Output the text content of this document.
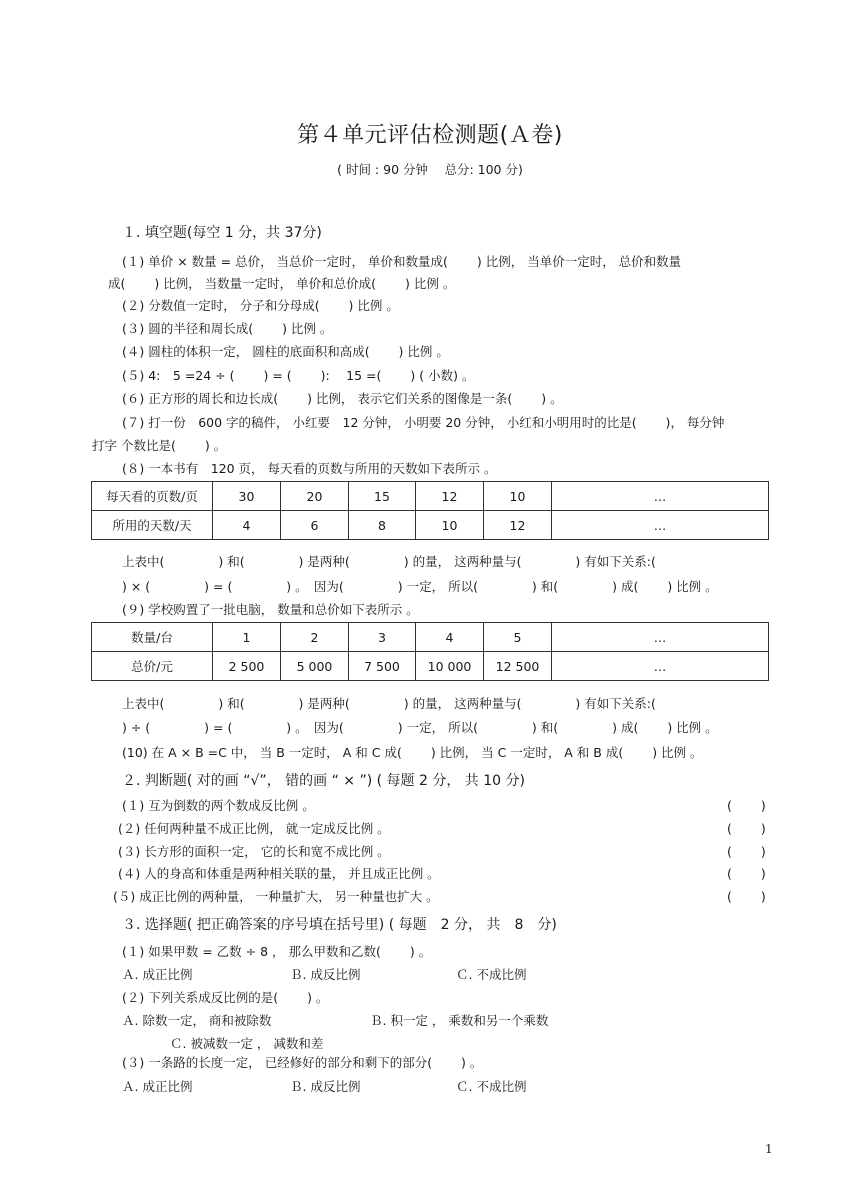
第４单元评估检测题(Ａ卷)
( 时间 : 90 分钟　 总分: 100 分)
１. 填空题(每空 1 分，共 37分)
(１) 单价 × 数量 = 总价， 当总价一定时， 单价和数量成(　　 ) 比例， 当单价一定时， 总价和数量
成(　　 ) 比例， 当数量一定时， 单价和总价成(　　 ) 比例 。
(２) 分数值一定时， 分子和分母成(　　 ) 比例 。
(３) 圆的半径和周长成(　　 ) 比例 。
(４) 圆柱的体积一定， 圆柱的底面积和高成(　　 ) 比例 。
(５) 4:　5 =24 ÷ (　　 ) = (　　 ):　 15 =(　　 ) ( 小数) 。
(６) 正方形的周长和边长成(　　 ) 比例， 表示它们关系的图像是一条(　　 ) 。
(７) 打一份　600 字的稿件， 小红要　12 分钟， 小明要 20 分钟， 小红和小明用时的比是(　　 )， 每分钟
打字 个数比是(　　 ) 。
(８) 一本书有　120 页， 每天看的页数与所用的天数如下表所示 。
每天看的页数/页	30	20	15	12	10	…
所用的天数/天	4	6	8	10	12	…
上表中(　　　　 ) 和(　　　　 ) 是两种(　　　　 ) 的量， 这两种量与(　　　　 ) 有如下关系:(
) × (　　　　 ) = (　　　　 ) 。　因为(　　　　 ) 一定， 所以(　　　　 ) 和(　　　　 ) 成(　　 ) 比例 。
(９) 学校购置了一批电脑， 数量和总价如下表所示 。
数量/台	1	2	3	4	5	…
总价/元	2 500	5 000	7 500	10 000	12 500	…
上表中(　　　　 ) 和(　　　　 ) 是两种(　　　　 ) 的量， 这两种量与(　　　　 ) 有如下关系:(
) ÷ (　　　　 ) = (　　　　 ) 。　因为(　　　　 ) 一定， 所以(　　　　 ) 和(　　　　 ) 成(　　 ) 比例 。
(10) 在 A × B =C 中， 当 B 一定时， A 和 C 成(　　 ) 比例， 当 C 一定时， A 和 B 成(　　 ) 比例 。
２. 判断题( 对的画 “√”， 错的画 “ × ”) ( 每题 2 分， 共 10 分)
(１) 互为倒数的两个数成反比例 。	(　　 )
(２) 任何两种量不成正比例， 就一定成反比例 。	(　　 )
(３) 长方形的面积一定， 它的长和宽不成比例 。	(　　 )
(４) 人的身高和体重是两种相关联的量， 并且成正比例 。	(　　 )
(５) 成正比例的两种量， 一种量扩大， 另一种量也扩大 。	(　　 )
３. 选择题( 把正确答案的序号填在括号里) ( 每题　2 分， 共　8　分)
(１) 如果甲数 = 乙数 ÷ 8 ， 那么甲数和乙数(　　 ) 。
Ａ. 成正比例	Ｂ. 成反比例	Ｃ. 不成比例
(２) 下列关系成反比例的是(　　 ) 。
Ａ. 除数一定， 商和被除数	Ｂ. 积一定 ， 乘数和另一个乘数
Ｃ. 被减数一定 ， 减数和差
(３) 一条路的长度一定， 已经修好的部分和剩下的部分(　　 ) 。
Ａ. 成正比例	Ｂ. 成反比例	Ｃ. 不成比例
1
